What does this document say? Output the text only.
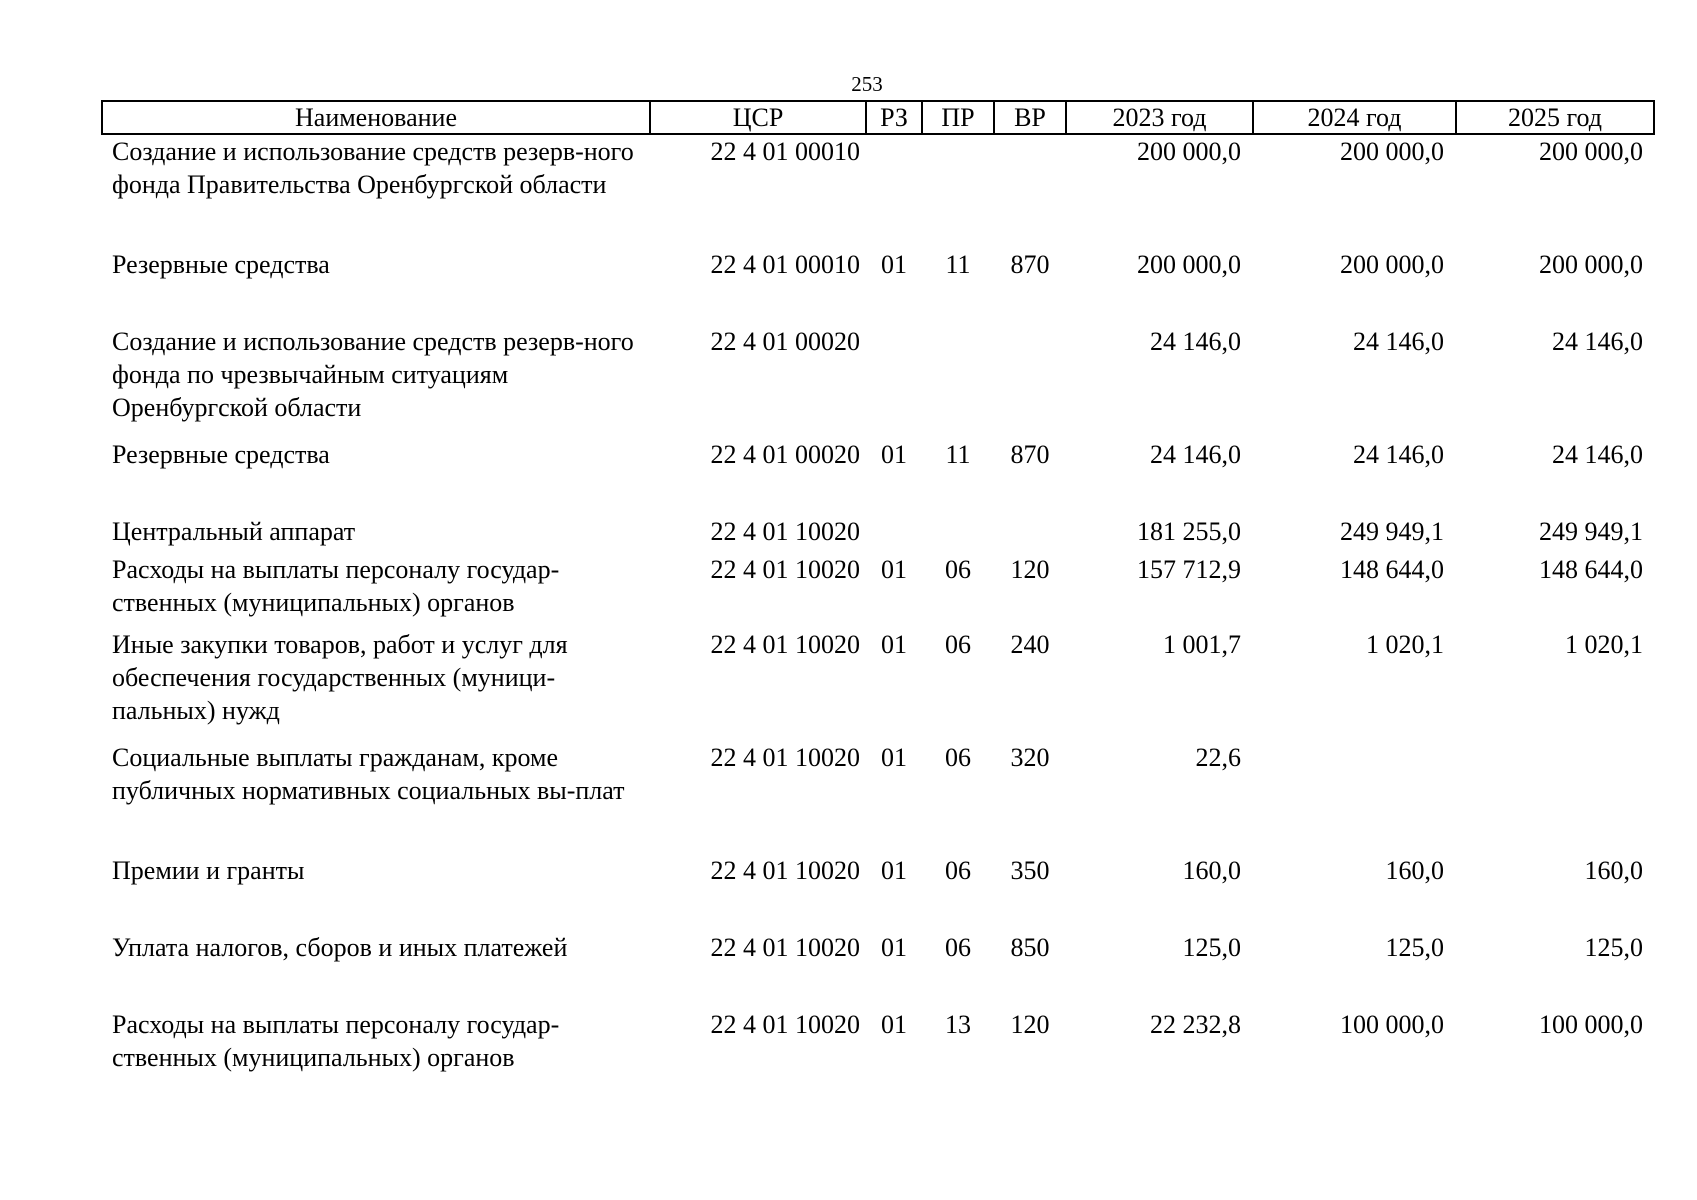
253
Наименование	ЦСР	РЗ	ПР	ВР	2023 год	2024 год	2025 год
Создание и использование средств резерв-ного фонда Правительства Оренбургской области	22 4 01 00010				200 000,0	200 000,0	200 000,0
Резервные средства	22 4 01 00010	01	11	870	200 000,0	200 000,0	200 000,0
Создание и использование средств резерв-ного фонда по чрезвычайным ситуациям Оренбургской области	22 4 01 00020				24 146,0	24 146,0	24 146,0
Резервные средства	22 4 01 00020	01	11	870	24 146,0	24 146,0	24 146,0
Центральный аппарат	22 4 01 10020				181 255,0	249 949,1	249 949,1
Расходы на выплаты персоналу государ-ственных (муниципальных) органов	22 4 01 10020	01	06	120	157 712,9	148 644,0	148 644,0
Иные закупки товаров, работ и услуг для обеспечения государственных (муници-пальных) нужд	22 4 01 10020	01	06	240	1 001,7	1 020,1	1 020,1
Социальные выплаты гражданам, кроме публичных нормативных социальных вы-плат	22 4 01 10020	01	06	320	22,6		
Премии и гранты	22 4 01 10020	01	06	350	160,0	160,0	160,0
Уплата налогов, сборов и иных платежей	22 4 01 10020	01	06	850	125,0	125,0	125,0
Расходы на выплаты персоналу государ-ственных (муниципальных) органов	22 4 01 10020	01	13	120	22 232,8	100 000,0	100 000,0
